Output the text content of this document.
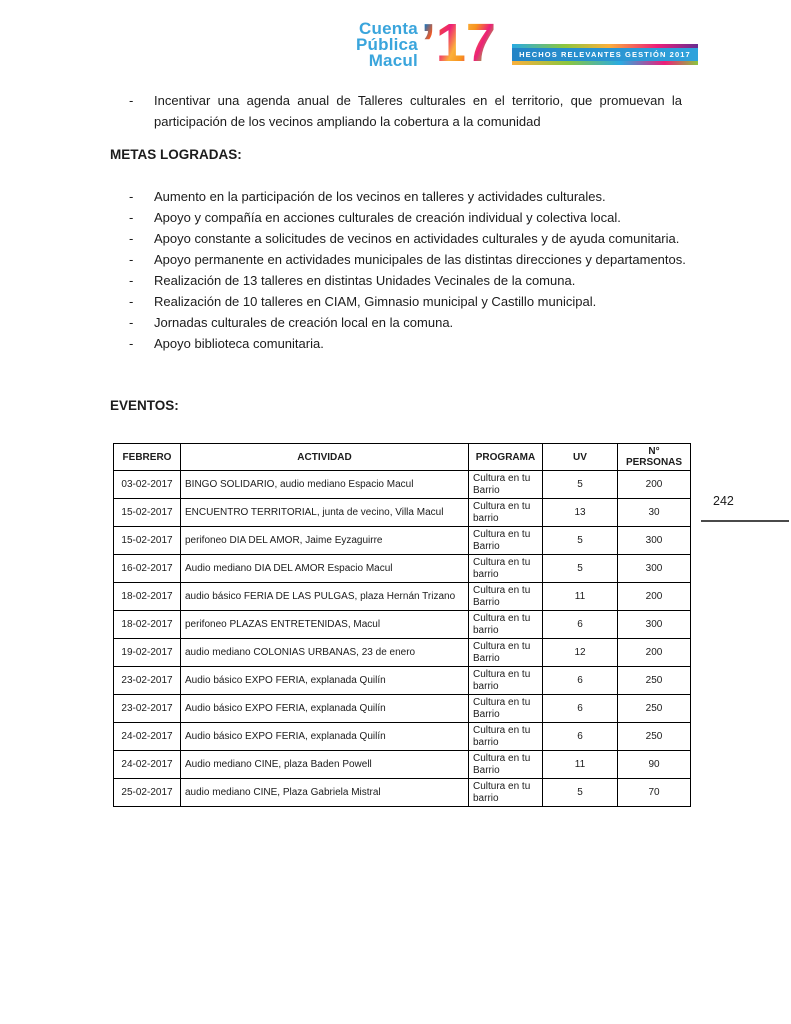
Cuenta
Pública
Macul ’17	HECHOS RELEVANTES GESTIÓN 2017
-	Incentivar una agenda anual de Talleres culturales en el territorio, que promuevan la participación de los vecinos ampliando la cobertura a la comunidad
METAS LOGRADAS:
-	Aumento en la participación de los vecinos en talleres y actividades culturales.
-	Apoyo y compañía en acciones culturales de creación individual y colectiva local.
-	Apoyo constante a solicitudes de vecinos en actividades culturales y de ayuda comunitaria.
-	Apoyo permanente en actividades municipales de las distintas direcciones y departamentos.
-	Realización de 13 talleres en distintas Unidades Vecinales de la comuna.
-	Realización de 10 talleres en CIAM, Gimnasio municipal y Castillo municipal.
-	Jornadas culturales de creación local en la comuna.
-	Apoyo biblioteca comunitaria.
EVENTOS:
FEBRERO	ACTIVIDAD	PROGRAMA	UV	N° PERSONAS
03-02-2017	BINGO SOLIDARIO, audio mediano Espacio Macul	Cultura en tu Barrio	5	200
15-02-2017	ENCUENTRO TERRITORIAL, junta de vecino, Villa Macul	Cultura en tu barrio	13	30
15-02-2017	perifoneo DIA DEL AMOR, Jaime Eyzaguirre	Cultura en tu Barrio	5	300
16-02-2017	Audio mediano DIA DEL AMOR Espacio Macul	Cultura en tu barrio	5	300
18-02-2017	audio básico FERIA DE LAS PULGAS, plaza Hernán Trizano	Cultura en tu Barrio	11	200
18-02-2017	perifoneo PLAZAS ENTRETENIDAS, Macul	Cultura en tu barrio	6	300
19-02-2017	audio mediano COLONIAS URBANAS, 23 de enero	Cultura en tu Barrio	12	200
23-02-2017	Audio básico EXPO FERIA, explanada Quilín	Cultura en tu barrio	6	250
23-02-2017	Audio básico EXPO FERIA, explanada Quilín	Cultura en tu Barrio	6	250
24-02-2017	Audio básico EXPO FERIA, explanada Quilín	Cultura en tu barrio	6	250
24-02-2017	Audio mediano CINE, plaza Baden Powell	Cultura en tu Barrio	11	90
25-02-2017	audio mediano CINE, Plaza Gabriela Mistral	Cultura en tu barrio	5	70
242
